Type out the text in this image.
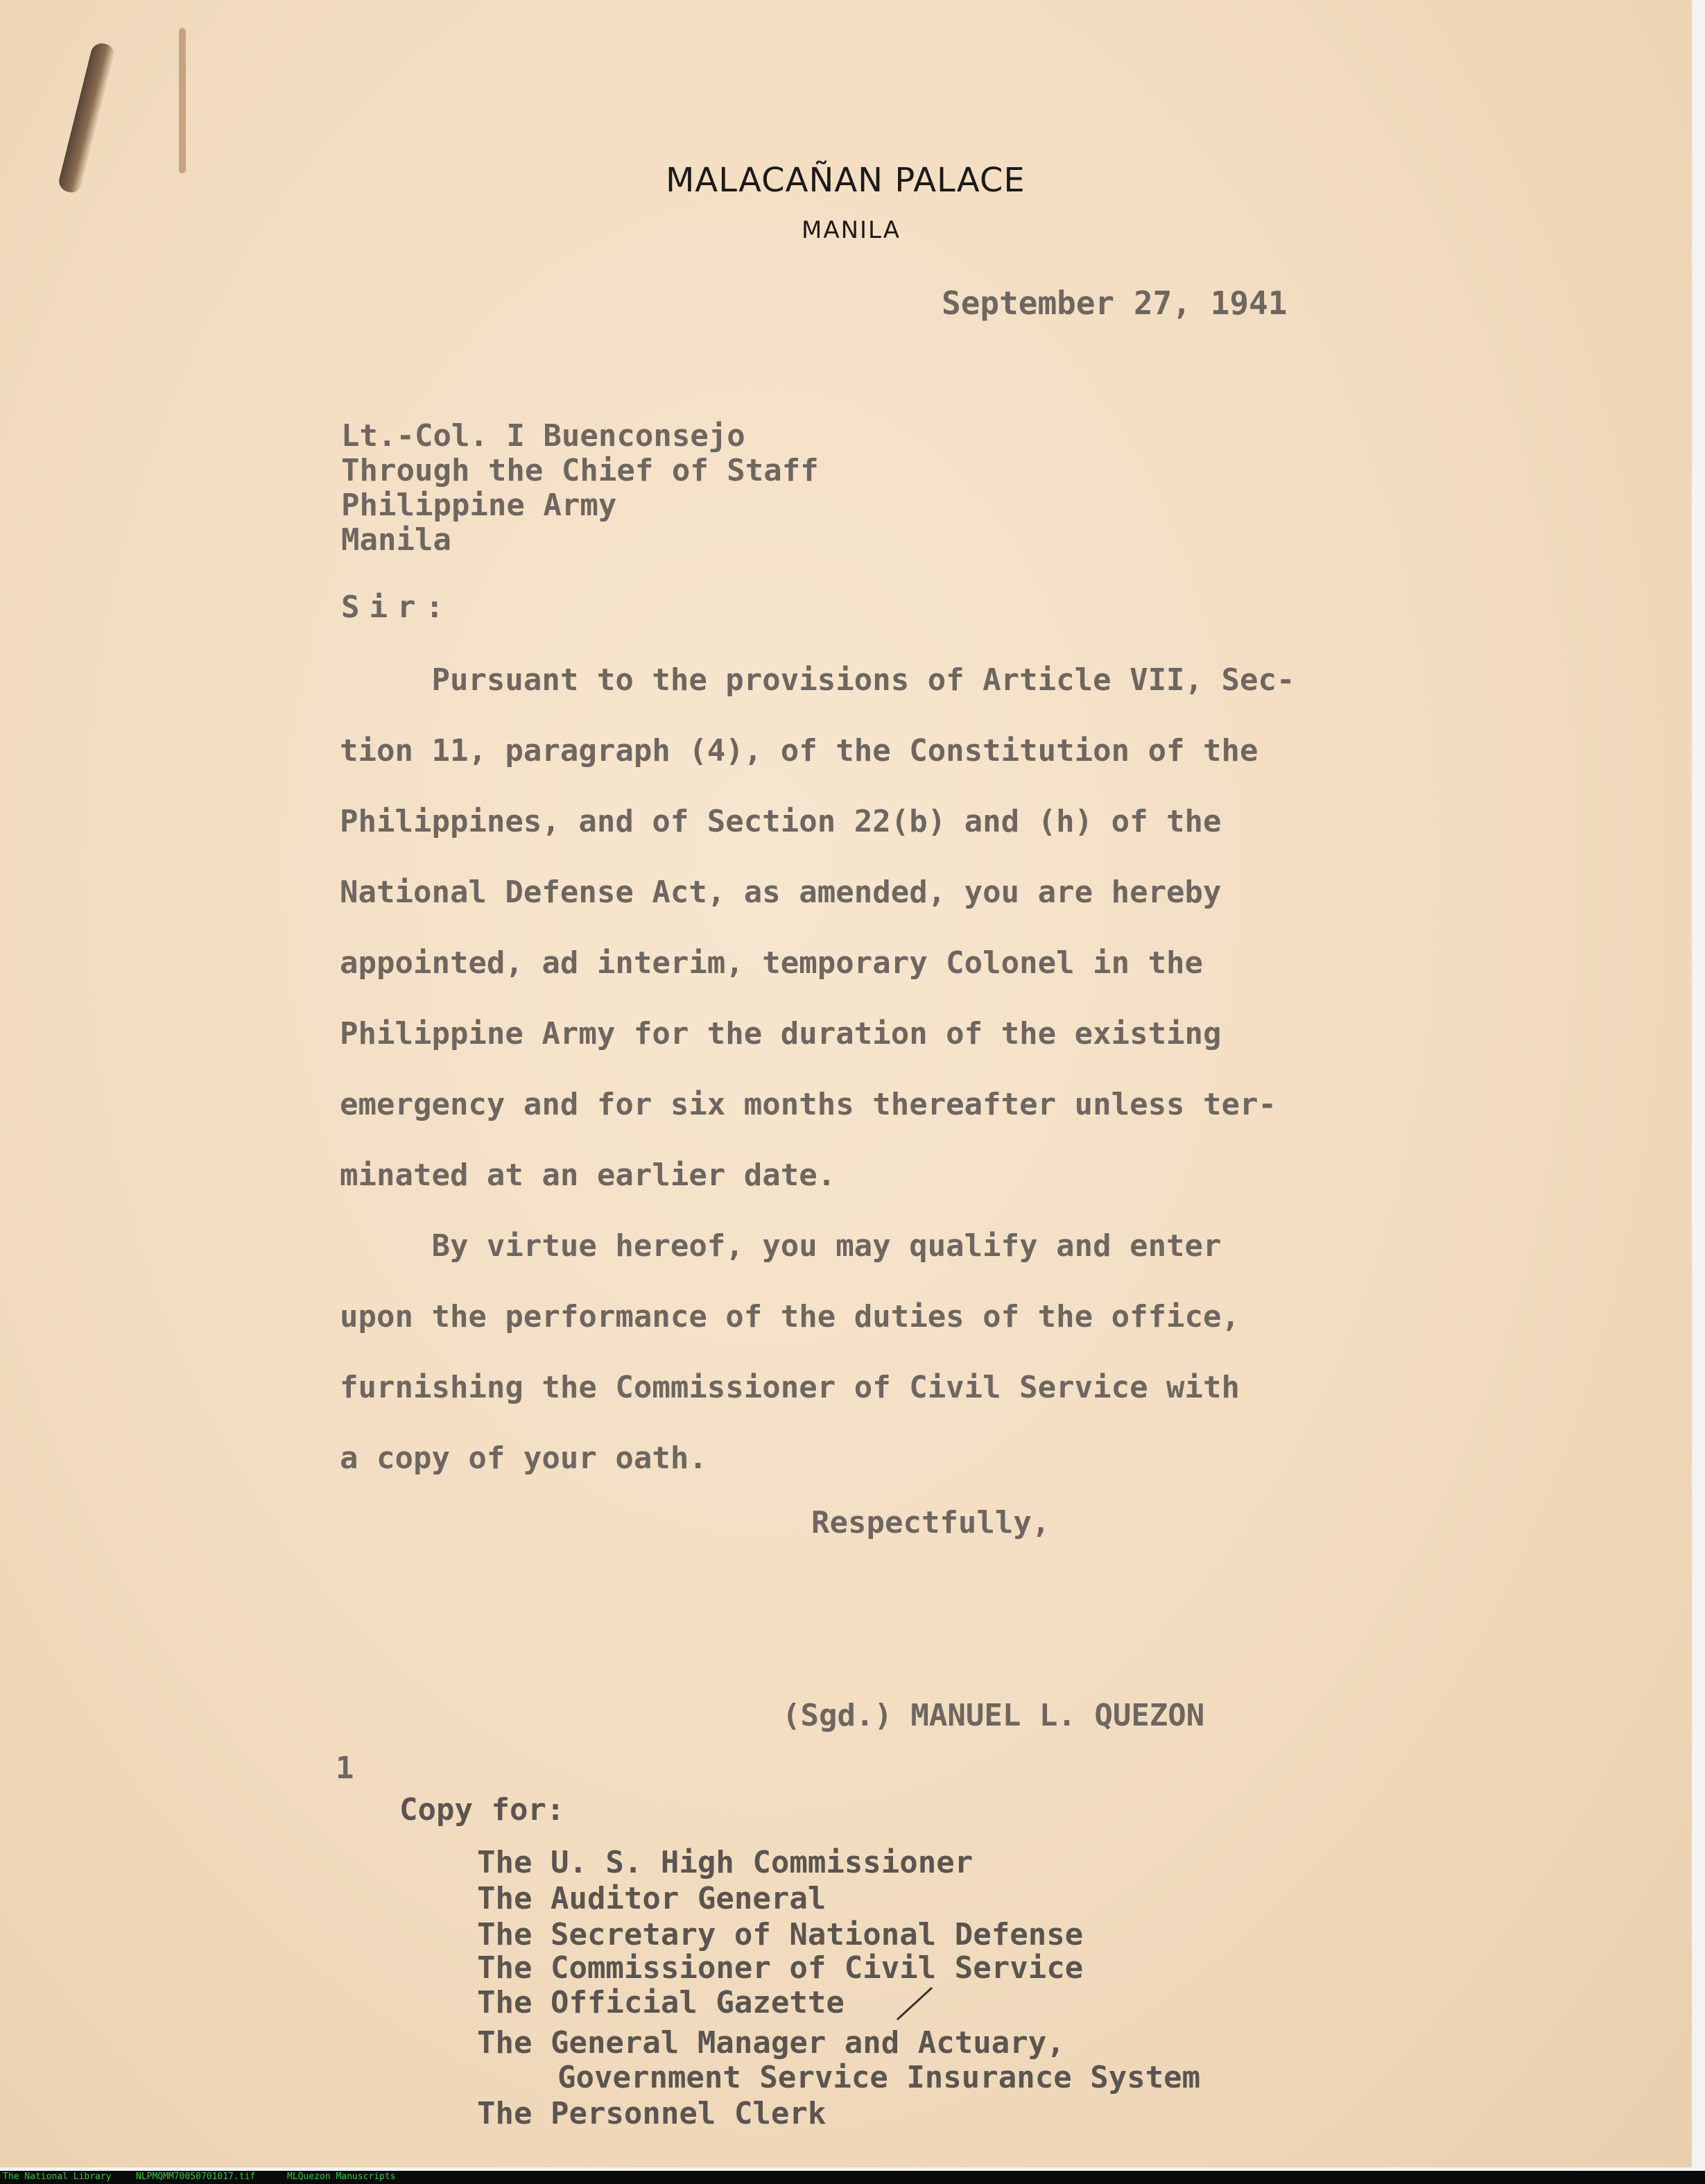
MALACAÑAN PALACE
MANILA
September 27, 1941
Lt.-Col. I Buenconsejo
Through the Chief of Staff
Philippine Army
Manila
Sir:
Pursuant to the provisions of Article VII, Sec-
tion 11, paragraph (4), of the Constitution of the
Philippines, and of Section 22(b) and (h) of the
National Defense Act, as amended, you are hereby
appointed, ad interim, temporary Colonel in the
Philippine Army for the duration of the existing
emergency and for six months thereafter unless ter-
minated at an earlier date.
By virtue hereof, you may qualify and enter
upon the performance of the duties of the office,
furnishing the Commissioner of Civil Service with
a copy of your oath.
Respectfully,
(Sgd.) MANUEL L. QUEZON
1
Copy for:
The U. S. High Commissioner
The Auditor General
The Secretary of National Defense
The Commissioner of Civil Service
The Official Gazette
The General Manager and Actuary,
Government Service Insurance System
The Personnel Clerk
The National Library	NLPMQMM70050701017.tif	MLQuezon Manuscripts
